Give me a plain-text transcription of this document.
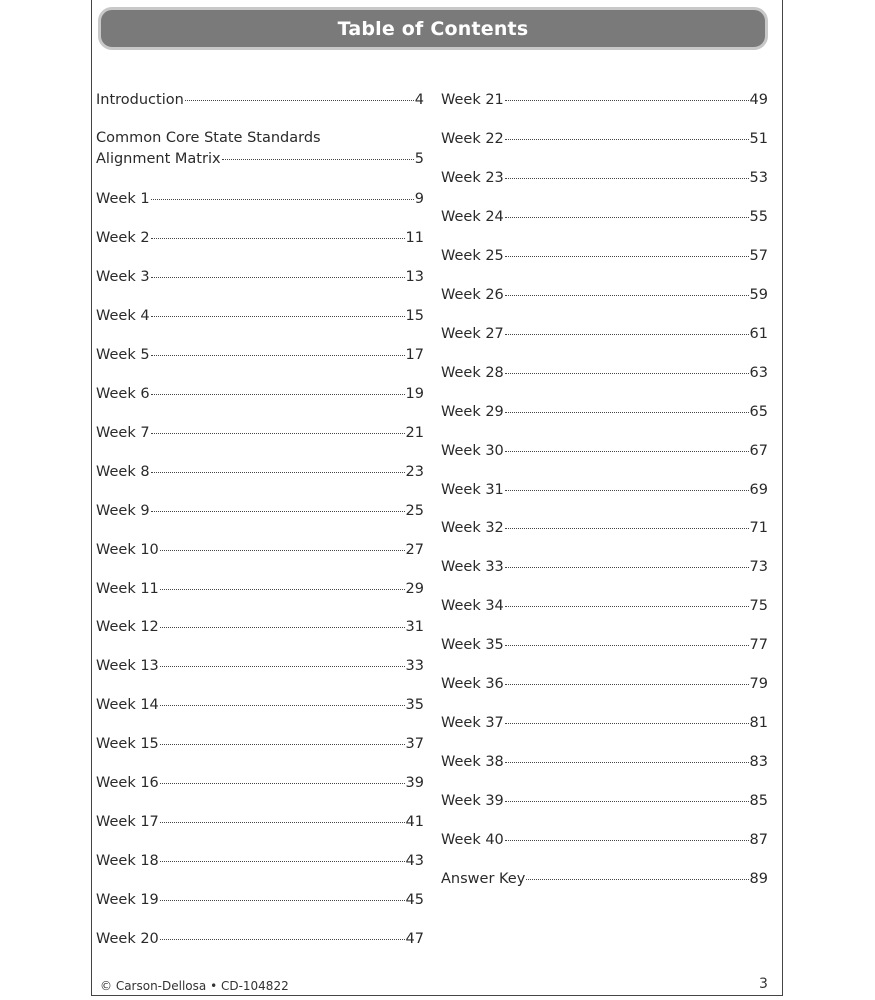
Table of Contents
Introduction	4
Common Core State Standards
Alignment Matrix	5
Week 1	9
Week 2	11
Week 3	13
Week 4	15
Week 5	17
Week 6	19
Week 7	21
Week 8	23
Week 9	25
Week 10	27
Week 11	29
Week 12	31
Week 13	33
Week 14	35
Week 15	37
Week 16	39
Week 17	41
Week 18	43
Week 19	45
Week 20	47
Week 21	49
Week 22	51
Week 23	53
Week 24	55
Week 25	57
Week 26	59
Week 27	61
Week 28	63
Week 29	65
Week 30	67
Week 31	69
Week 32	71
Week 33	73
Week 34	75
Week 35	77
Week 36	79
Week 37	81
Week 38	83
Week 39	85
Week 40	87
Answer Key	89
© Carson-Dellosa • CD-104822	3
